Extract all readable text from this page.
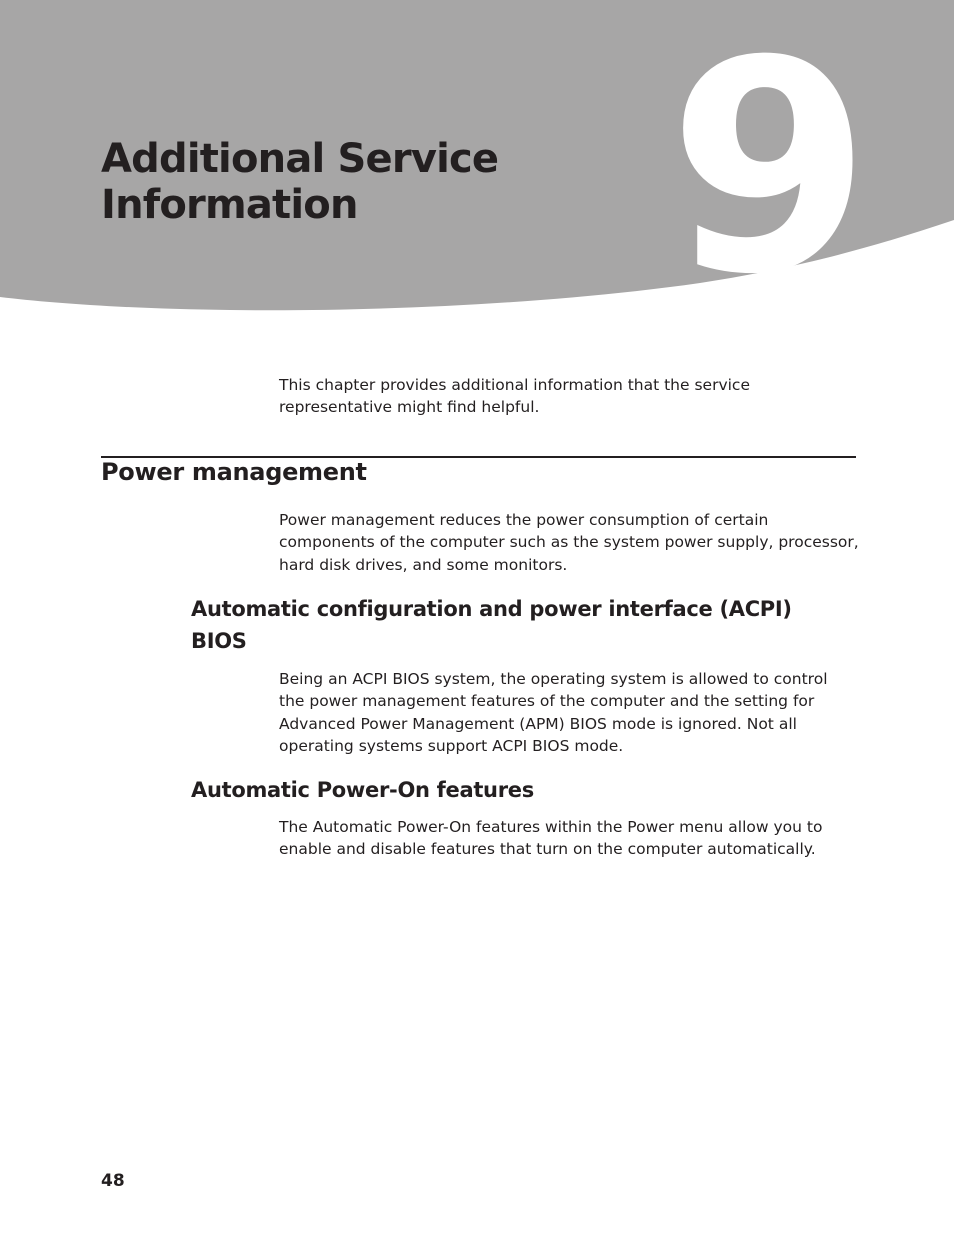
9
Additional Service
Information

This chapter provides additional information that the service representative might find helpful.

Power management

Power management reduces the power consumption of certain components of the computer such as the system power supply, processor, hard disk drives, and some monitors.

Automatic configuration and power interface (ACPI)
BIOS

Being an ACPI BIOS system, the operating system is allowed to control the power management features of the computer and the setting for Advanced Power Management (APM) BIOS mode is ignored. Not all operating systems support ACPI BIOS mode.

Automatic Power-On features

The Automatic Power-On features within the Power menu allow you to enable and disable features that turn on the computer automatically.

48
